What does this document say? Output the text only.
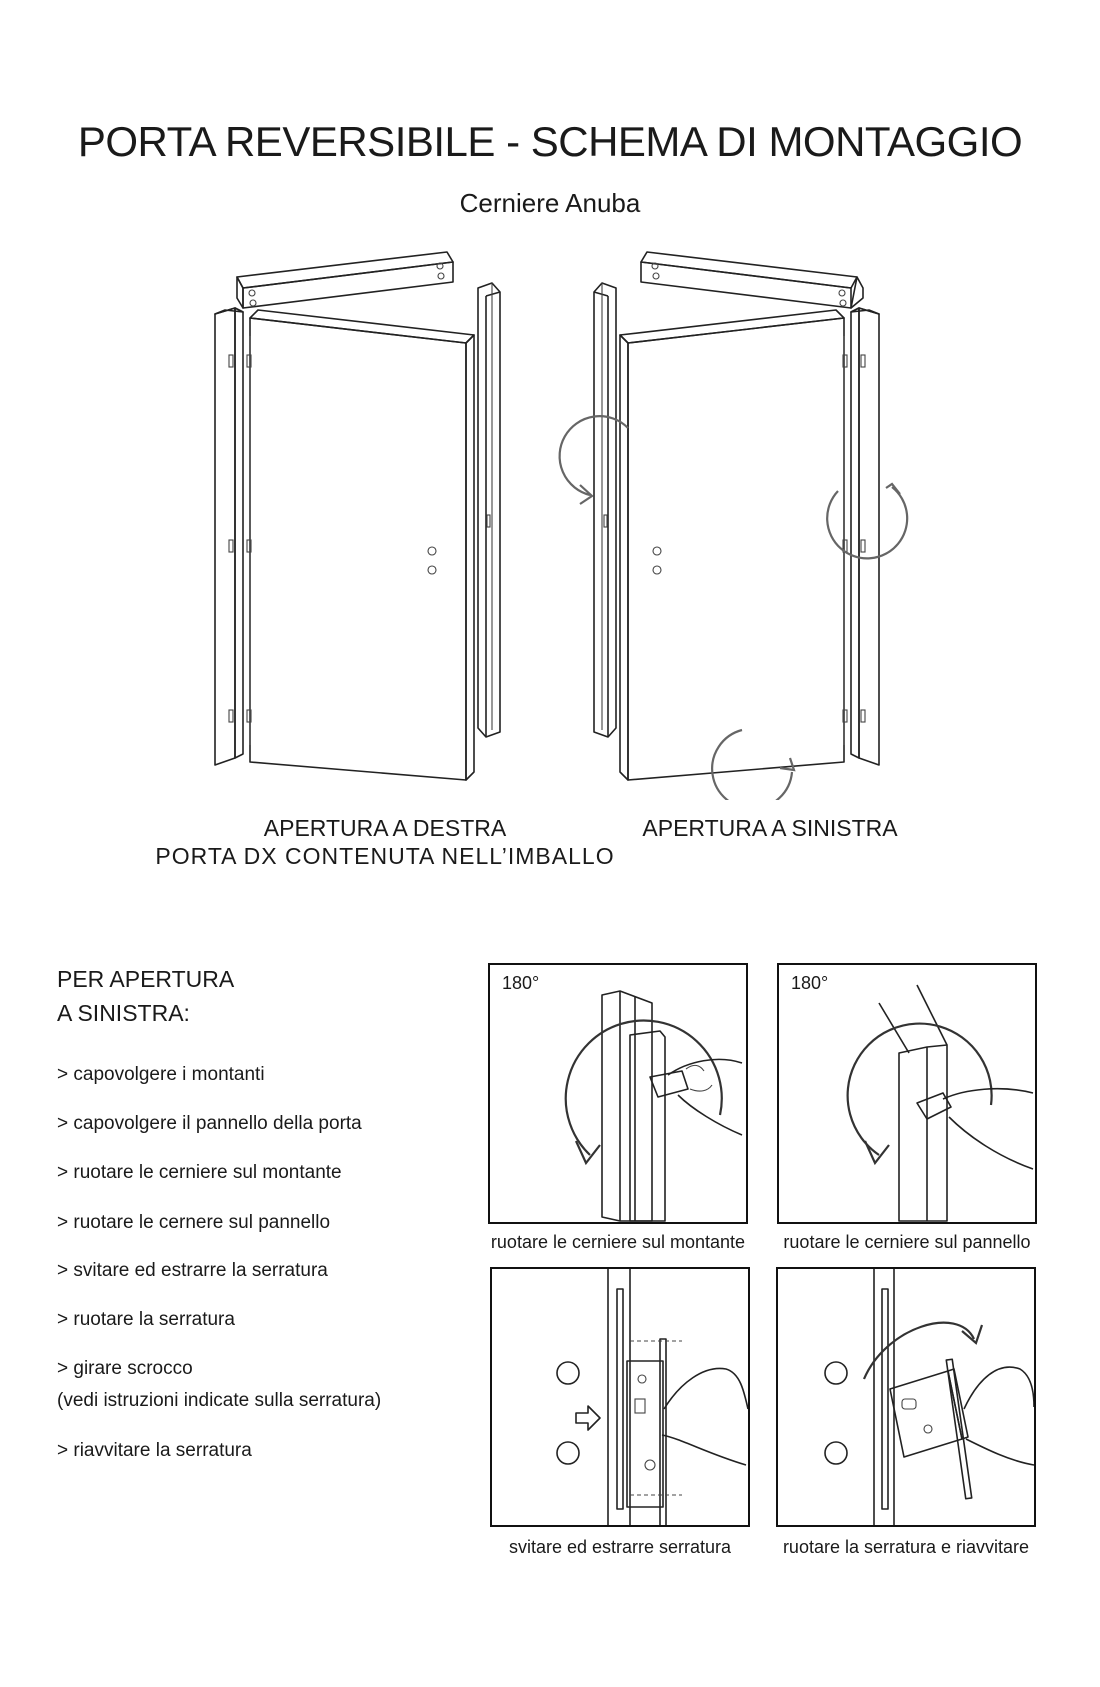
PORTA REVERSIBILE - SCHEMA DI MONTAGGIO
Cerniere Anuba
APERTURA A DESTRA
PORTA DX CONTENUTA NELL’IMBALLO
APERTURA A SINISTRA
PER APERTURA
A SINISTRA:
> capovolgere i montanti
> capovolgere il pannello della porta
> ruotare le cerniere sul montante
> ruotare le cernere sul pannello
> svitare ed estrarre la serratura
> ruotare la serratura
> girare scrocco
(vedi istruzioni indicate sulla serratura)
> riavvitare la serratura
180°
ruotare le cerniere sul montante
180°
ruotare le cerniere sul pannello
svitare ed estrarre serratura	ruotare la serratura e riavvitare
